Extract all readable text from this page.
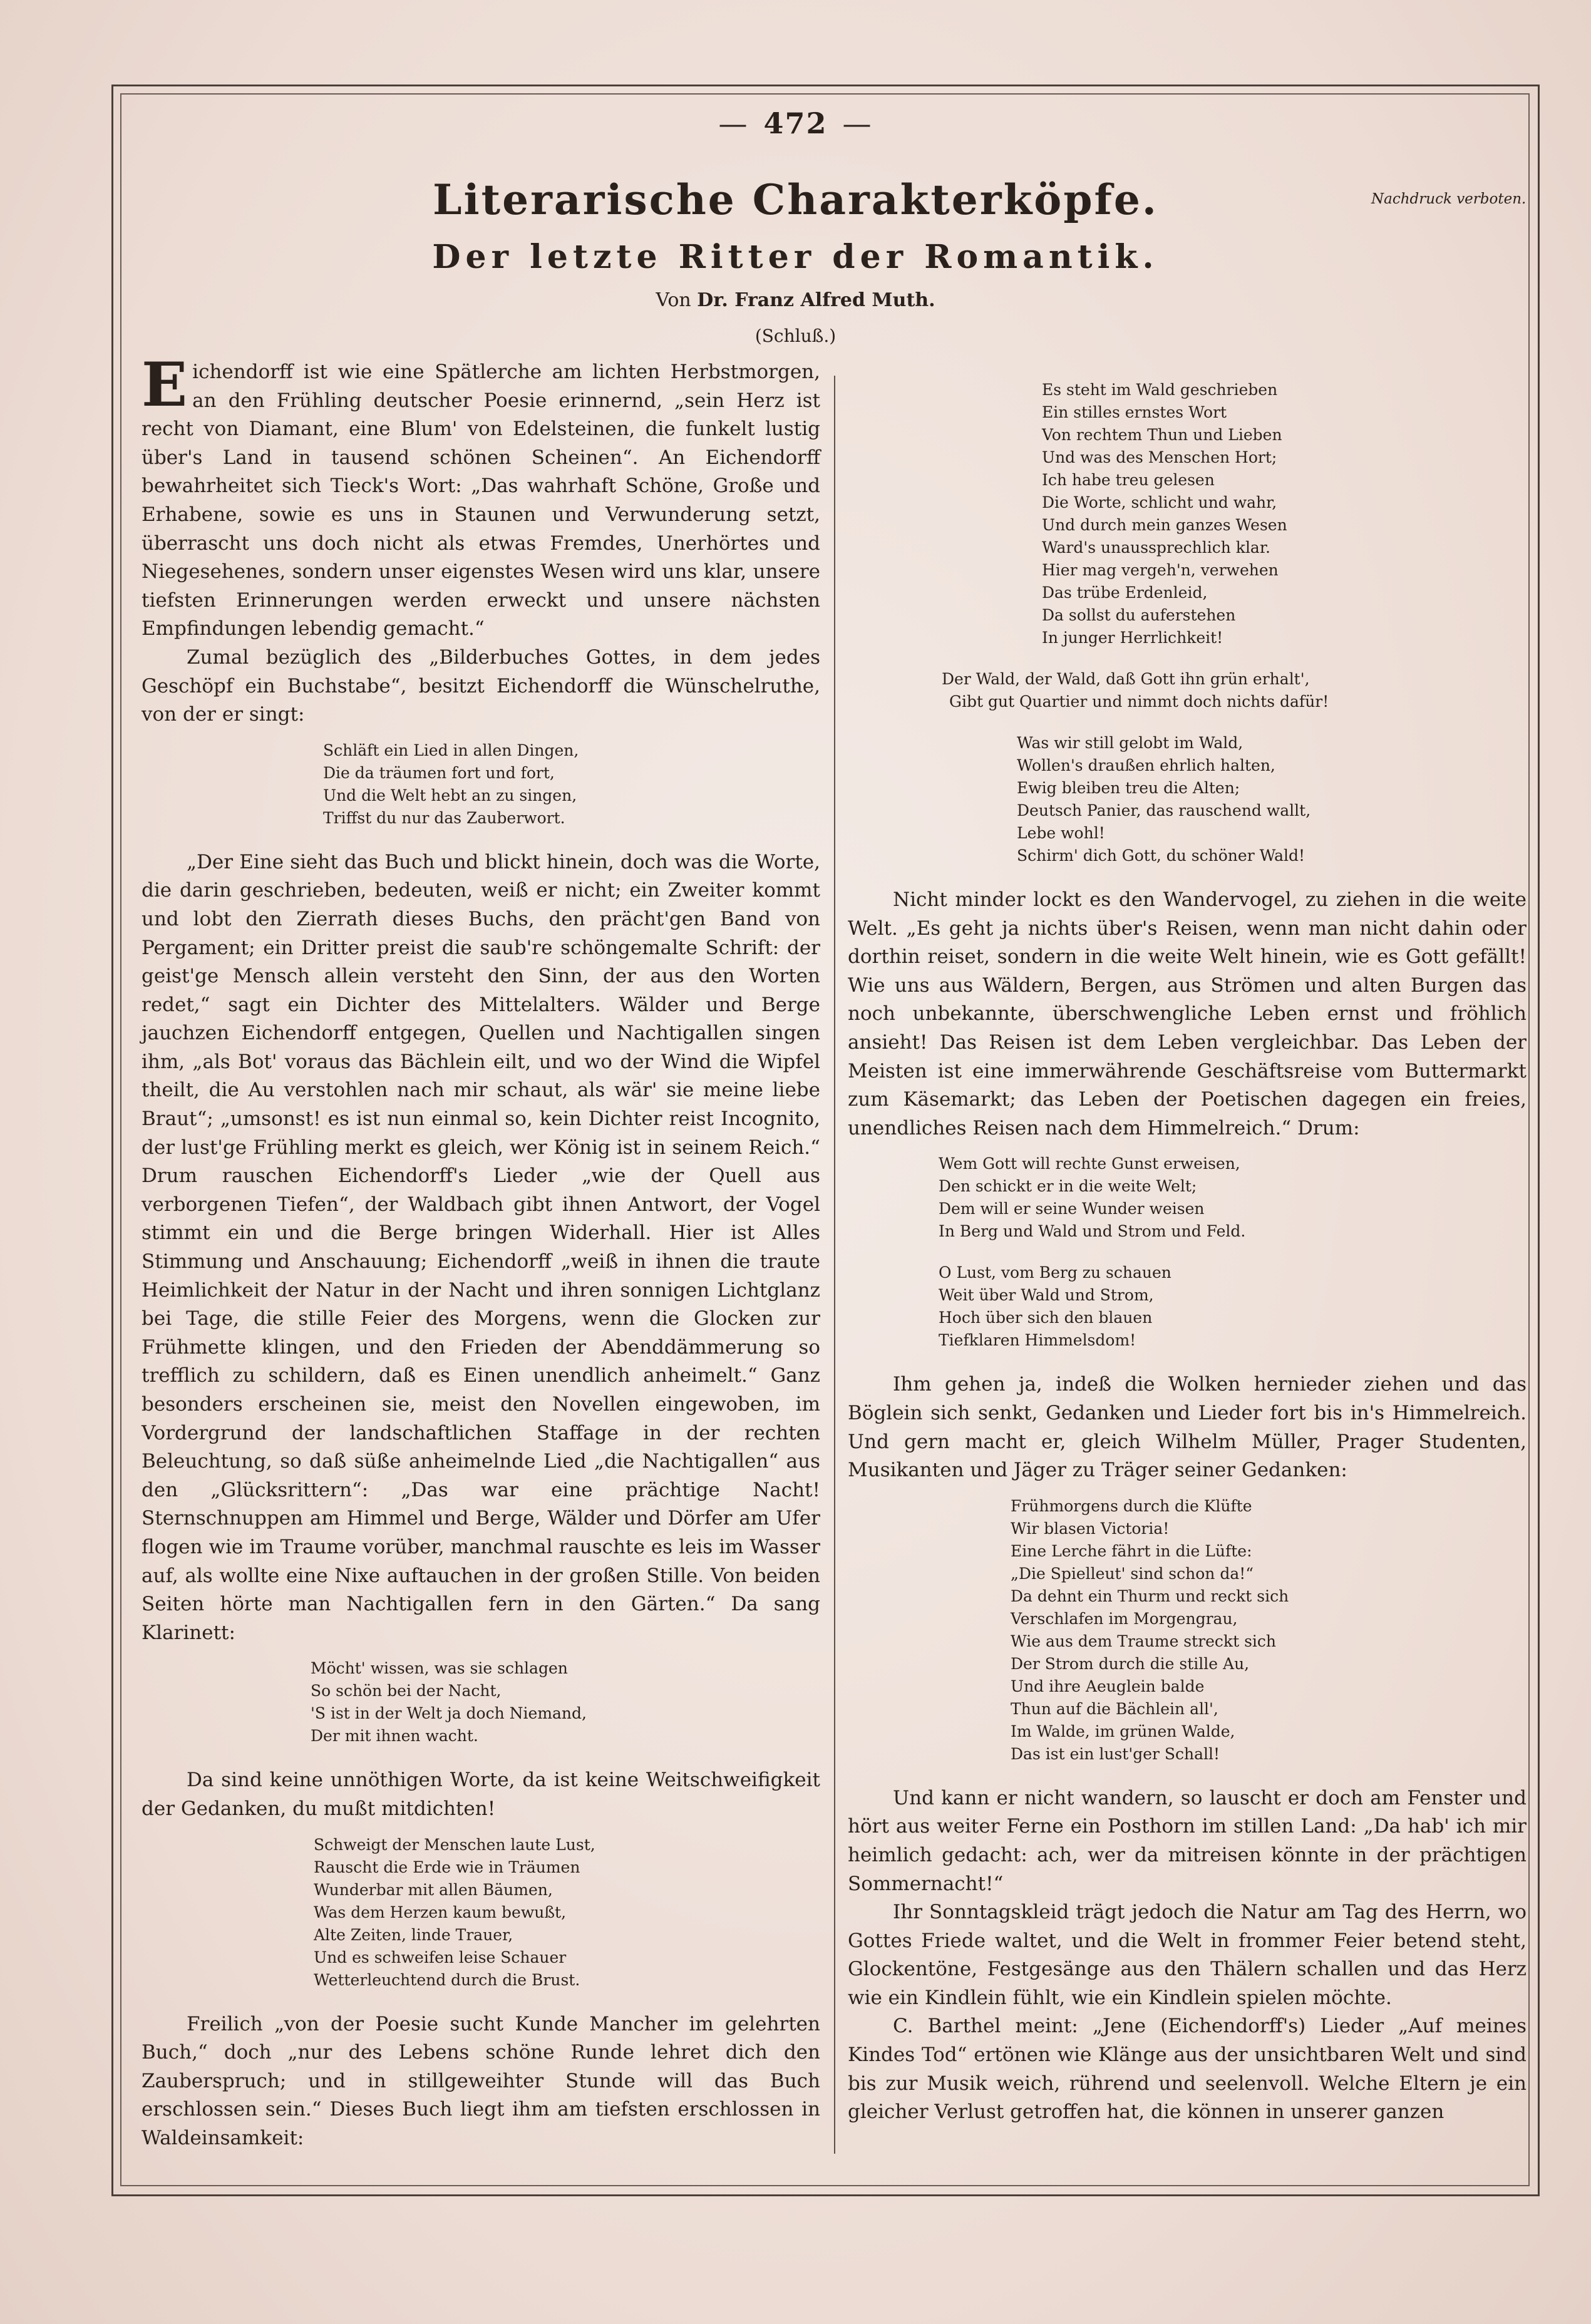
— 472 —
Nachdruck verboten.
Literarische Charakterköpfe.
Der letzte Ritter der Romantik.
Von Dr. Franz Alfred Muth.
(Schluß.)

Eichendorff ist wie eine Spätlerche am lichten Herbstmorgen, an den Frühling deutscher Poesie erinnernd, „sein Herz ist recht von Diamant, eine Blum' von Edelsteinen, die funkelt lustig über's Land in tausend schönen Scheinen“. An Eichendorff bewahrheitet sich Tieck's Wort: „Das wahrhaft Schöne, Große und Erhabene, sowie es uns in Staunen und Verwunderung setzt, überrascht uns doch nicht als etwas Fremdes, Unerhörtes und Niegesehenes, sondern unser eigenstes Wesen wird uns klar, unsere tiefsten Erinnerungen werden erweckt und unsere nächsten Empfindungen lebendig gemacht.“

Zumal bezüglich des „Bilderbuches Gottes, in dem jedes Geschöpf ein Buchstabe“, besitzt Eichendorff die Wünschelruthe, von der er singt:

Schläft ein Lied in allen Dingen,
Die da träumen fort und fort,
Und die Welt hebt an zu singen,
Triffst du nur das Zauberwort.

„Der Eine sieht das Buch und blickt hinein, doch was die Worte, die darin geschrieben, bedeuten, weiß er nicht; ein Zweiter kommt und lobt den Zierrath dieses Buchs, den prächt'gen Band von Pergament; ein Dritter preist die saub're schöngemalte Schrift: der geist'ge Mensch allein versteht den Sinn, der aus den Worten redet,“ sagt ein Dichter des Mittelalters. Wälder und Berge jauchzen Eichendorff entgegen, Quellen und Nachtigallen singen ihm, „als Bot' voraus das Bächlein eilt, und wo der Wind die Wipfel theilt, die Au verstohlen nach mir schaut, als wär' sie meine liebe Braut“; „umsonst! es ist nun einmal so, kein Dichter reist Incognito, der lust'ge Frühling merkt es gleich, wer König ist in seinem Reich.“ Drum rauschen Eichendorff's Lieder „wie der Quell aus verborgenen Tiefen“, der Waldbach gibt ihnen Antwort, der Vogel stimmt ein und die Berge bringen Widerhall. Hier ist Alles Stimmung und Anschauung; Eichendorff „weiß in ihnen die traute Heimlichkeit der Natur in der Nacht und ihren sonnigen Lichtglanz bei Tage, die stille Feier des Morgens, wenn die Glocken zur Frühmette klingen, und den Frieden der Abenddämmerung so trefflich zu schildern, daß es Einen unendlich anheimelt.“ Ganz besonders erscheinen sie, meist den Novellen eingewoben, im Vordergrund der landschaftlichen Staffage in der rechten Beleuchtung, so daß süße anheimelnde Lied „die Nachtigallen“ aus den „Glücksrittern“: „Das war eine prächtige Nacht! Sternschnuppen am Himmel und Berge, Wälder und Dörfer am Ufer flogen wie im Traume vorüber, manchmal rauschte es leis im Wasser auf, als wollte eine Nixe auftauchen in der großen Stille. Von beiden Seiten hörte man Nachtigallen fern in den Gärten.“ Da sang Klarinett:

Möcht' wissen, was sie schlagen
So schön bei der Nacht,
'S ist in der Welt ja doch Niemand,
Der mit ihnen wacht.

Da sind keine unnöthigen Worte, da ist keine Weitschweifigkeit der Gedanken, du mußt mitdichten!

Schweigt der Menschen laute Lust,
Rauscht die Erde wie in Träumen
Wunderbar mit allen Bäumen,
Was dem Herzen kaum bewußt,
Alte Zeiten, linde Trauer,
Und es schweifen leise Schauer
Wetterleuchtend durch die Brust.

Freilich „von der Poesie sucht Kunde Mancher im gelehrten Buch,“ doch „nur des Lebens schöne Runde lehret dich den Zauberspruch; und in stillgeweihter Stunde will das Buch erschlossen sein.“ Dieses Buch liegt ihm am tiefsten erschlossen in Waldeinsamkeit:

Es steht im Wald geschrieben
Ein stilles ernstes Wort
Von rechtem Thun und Lieben
Und was des Menschen Hort;
Ich habe treu gelesen
Die Worte, schlicht und wahr,
Und durch mein ganzes Wesen
Ward's unaussprechlich klar.
Hier mag vergeh'n, verwehen
Das trübe Erdenleid,
Da sollst du auferstehen
In junger Herrlichkeit!
Der Wald, der Wald, daß Gott ihn grün erhalt',
Gibt gut Quartier und nimmt doch nichts dafür!
Was wir still gelobt im Wald,
Wollen's draußen ehrlich halten,
Ewig bleiben treu die Alten;
Deutsch Panier, das rauschend wallt,
Lebe wohl!
Schirm' dich Gott, du schöner Wald!

Nicht minder lockt es den Wandervogel, zu ziehen in die weite Welt. „Es geht ja nichts über's Reisen, wenn man nicht dahin oder dorthin reiset, sondern in die weite Welt hinein, wie es Gott gefällt! Wie uns aus Wäldern, Bergen, aus Strömen und alten Burgen das noch unbekannte, überschwengliche Leben ernst und fröhlich ansieht! Das Reisen ist dem Leben vergleichbar. Das Leben der Meisten ist eine immerwährende Geschäftsreise vom Buttermarkt zum Käsemarkt; das Leben der Poetischen dagegen ein freies, unendliches Reisen nach dem Himmelreich.“ Drum:

Wem Gott will rechte Gunst erweisen,
Den schickt er in die weite Welt;
Dem will er seine Wunder weisen
In Berg und Wald und Strom und Feld.
O Lust, vom Berg zu schauen
Weit über Wald und Strom,
Hoch über sich den blauen
Tiefklaren Himmelsdom!

Ihm gehen ja, indeß die Wolken hernieder ziehen und das Böglein sich senkt, Gedanken und Lieder fort bis in's Himmelreich. Und gern macht er, gleich Wilhelm Müller, Prager Studenten, Musikanten und Jäger zu Träger seiner Gedanken:

Frühmorgens durch die Klüfte
Wir blasen Victoria!
Eine Lerche fährt in die Lüfte:
„Die Spielleut' sind schon da!“
Da dehnt ein Thurm und reckt sich
Verschlafen im Morgengrau,
Wie aus dem Traume streckt sich
Der Strom durch die stille Au,
Und ihre Aeuglein balde
Thun auf die Bächlein all',
Im Walde, im grünen Walde,
Das ist ein lust'ger Schall!

Und kann er nicht wandern, so lauscht er doch am Fenster und hört aus weiter Ferne ein Posthorn im stillen Land: „Da hab' ich mir heimlich gedacht: ach, wer da mitreisen könnte in der prächtigen Sommernacht!“

Ihr Sonntagskleid trägt jedoch die Natur am Tag des Herrn, wo Gottes Friede waltet, und die Welt in frommer Feier betend steht, Glockentöne, Festgesänge aus den Thälern schallen und das Herz wie ein Kindlein fühlt, wie ein Kindlein spielen möchte.

C. Barthel meint: „Jene (Eichendorff's) Lieder „Auf meines Kindes Tod“ ertönen wie Klänge aus der unsichtbaren Welt und sind bis zur Musik weich, rührend und seelenvoll. Welche Eltern je ein gleicher Verlust getroffen hat, die können in unserer ganzen
